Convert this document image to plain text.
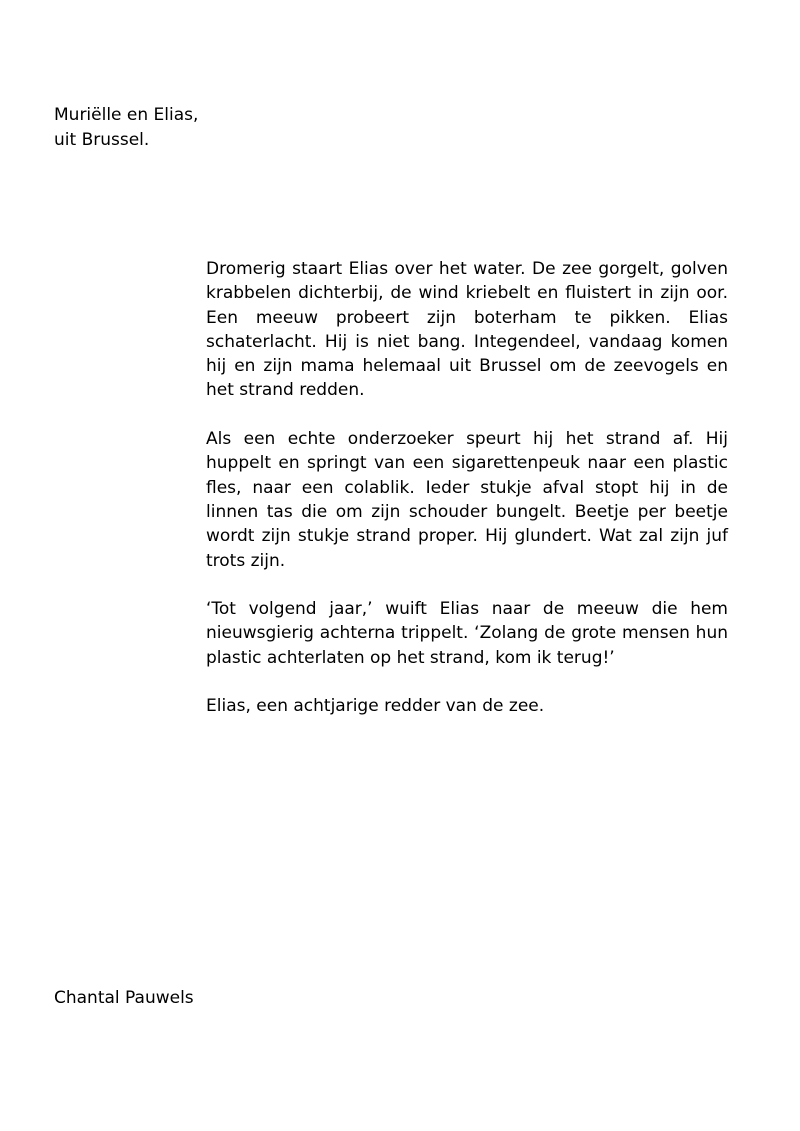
Muriëlle en Elias,
uit Brussel.

Dromerig staart Elias over het water. De zee gorgelt, golven krabbelen dichterbij, de wind kriebelt en fluistert in zijn oor. Een meeuw probeert zijn boterham te pikken. Elias schaterlacht. Hij is niet bang. Integendeel, vandaag komen hij en zijn mama helemaal uit Brussel om de zeevogels en het strand redden.

Als een echte onderzoeker speurt hij het strand af. Hij huppelt en springt van een sigarettenpeuk naar een plastic fles, naar een colablik. Ieder stukje afval stopt hij in de linnen tas die om zijn schouder bungelt. Beetje per beetje wordt zijn stukje strand proper. Hij glundert. Wat zal zijn juf trots zijn.

‘Tot volgend jaar,’ wuift Elias naar de meeuw die hem nieuwsgierig achterna trippelt. ‘Zolang de grote mensen hun plastic achterlaten op het strand, kom ik terug!’

Elias, een achtjarige redder van de zee.

Chantal Pauwels
